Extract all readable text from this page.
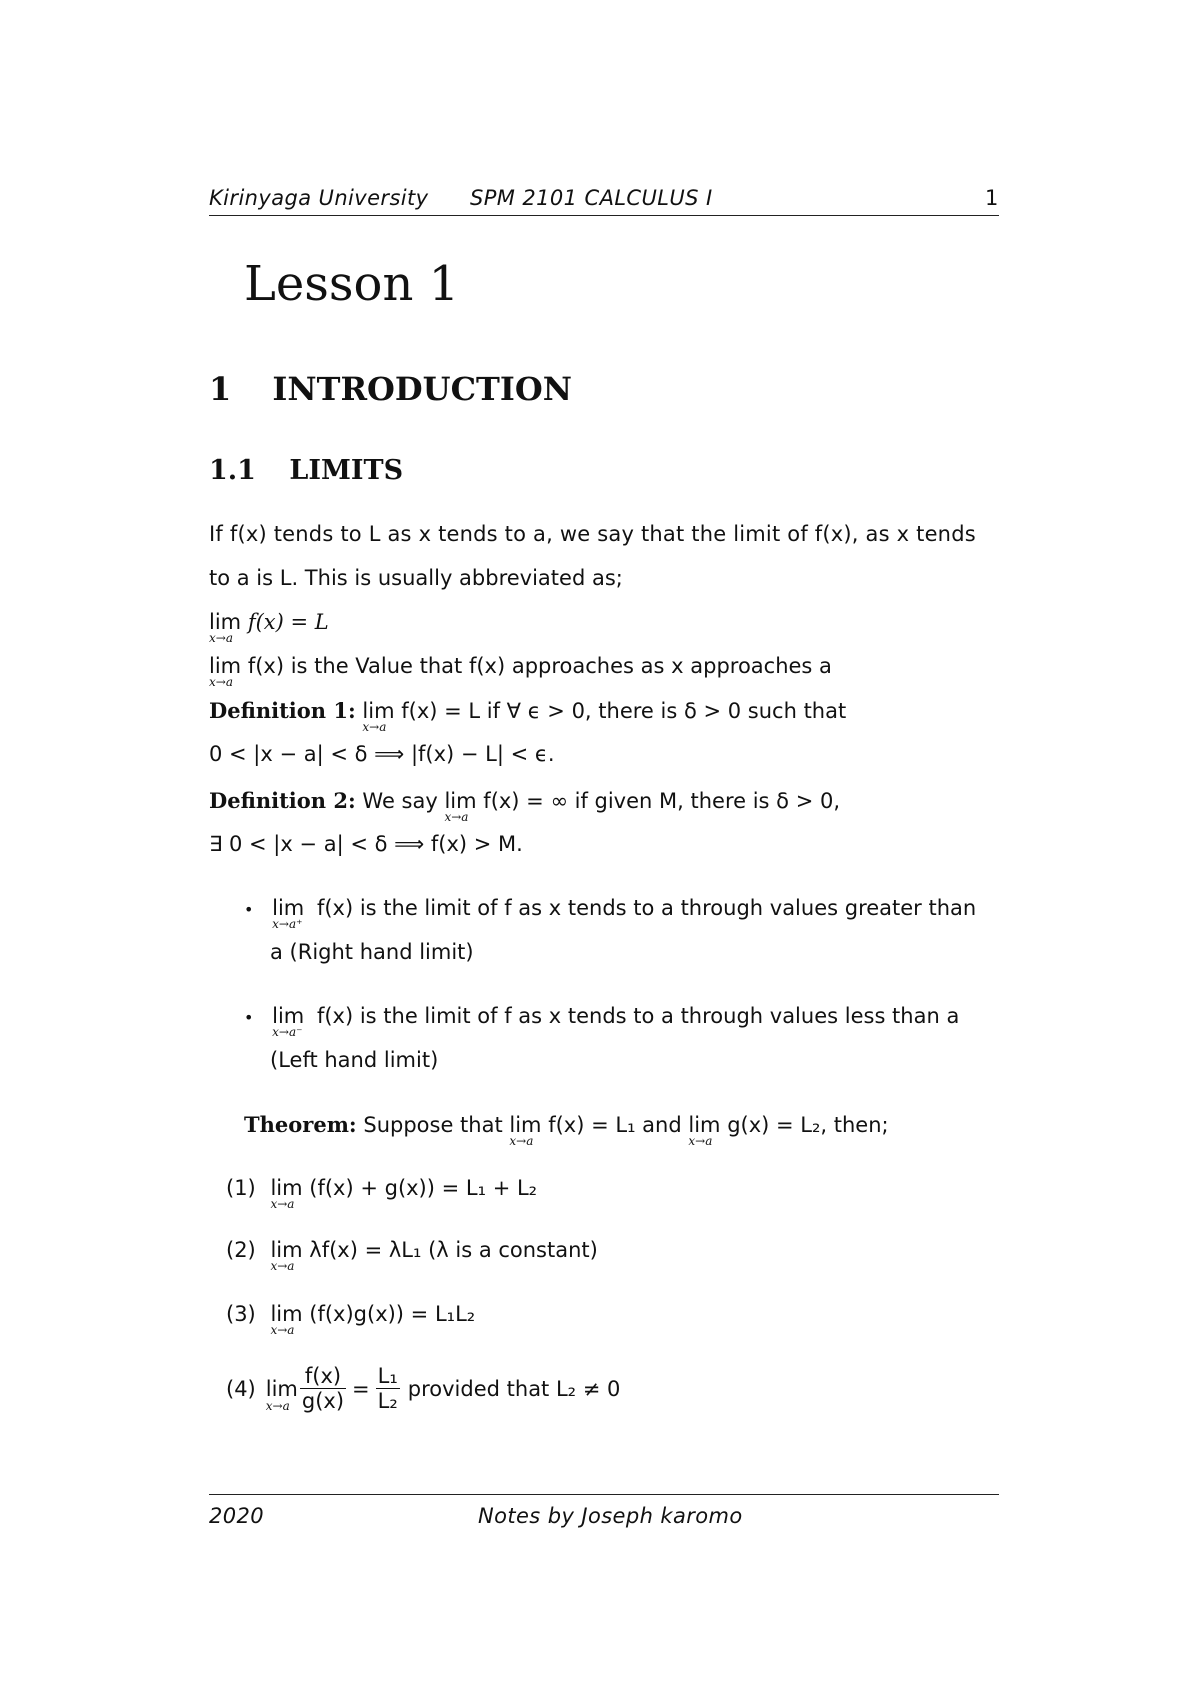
Kirinyaga University SPM 2101 CALCULUS I	1
Lesson 1
1 INTRODUCTION
1.1 LIMITS
If f(x) tends to L as x tends to a, we say that the limit of f(x), as x tends
to a is L. This is usually abbreviated as;
lim
x→a
f(x) = L
lim
x→a
f(x) is the Value that f(x) approaches as x approaches a
Definition 1: lim
x→a
f(x) = L if ∀ ϵ > 0, there is δ > 0 such that
0 < |x − a| < δ ⟹ |f(x) − L| < ϵ.
Definition 2: We say lim
x→a
f(x) = ∞ if given M, there is δ > 0,
∃ 0 < |x − a| < δ ⟹ f(x) > M.
• lim
x→a⁺
f(x) is the limit of f as x tends to a through values greater than
a (Right hand limit)
• lim
x→a⁻
f(x) is the limit of f as x tends to a through values less than a
(Left hand limit)
Theorem: Suppose that lim
x→a
f(x) = L₁ and lim
x→a
g(x) = L₂, then;
(1) lim
x→a
(f(x) + g(x)) = L₁ + L₂
(2) lim
x→a
λf(x) = λL₁ (λ is a constant)
(3) lim
x→a
(f(x)g(x)) = L₁L₂
(4) lim
$x\to a \frac{f(x)}{g(x)} = \frac{\text{L₁}}{\text{L₂}}$ provided that L₂ ≠ 0
2020	Notes by Joseph karomo
